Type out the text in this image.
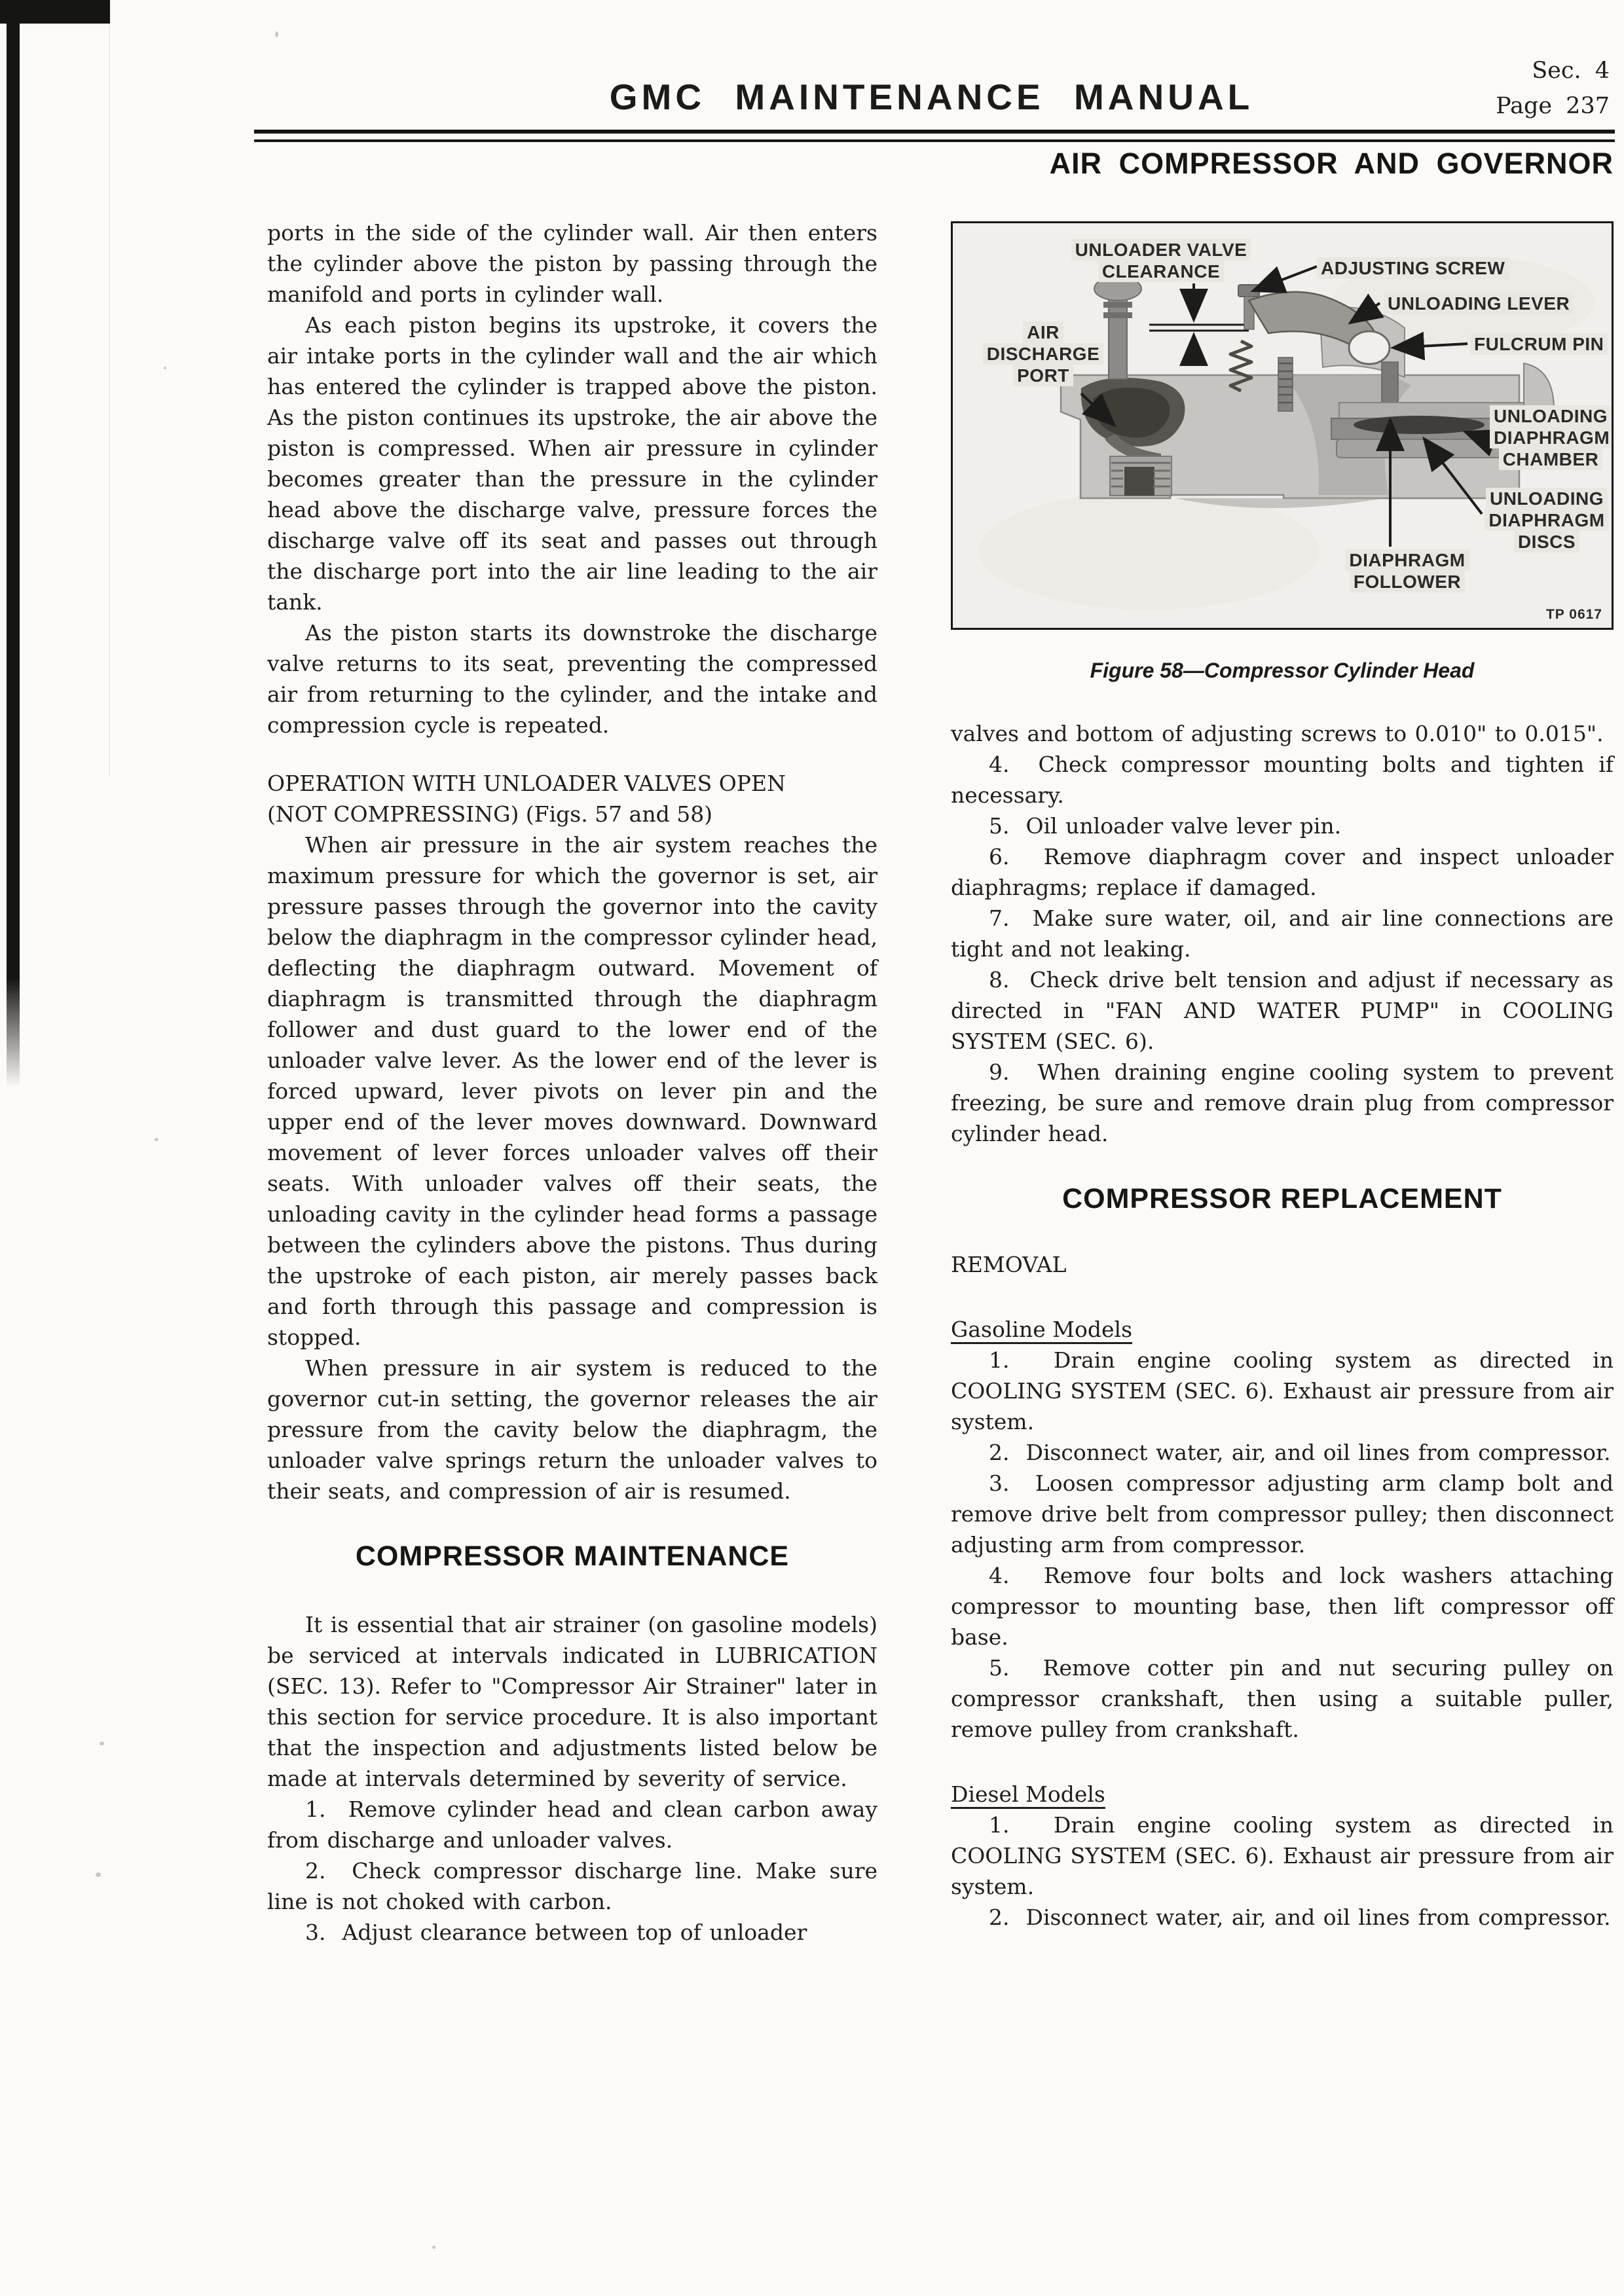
Sec. 4
Page 237
GMC MAINTENANCE MANUAL
AIR COMPRESSOR AND GOVERNOR

ports in the side of the cylinder wall. Air then enters the cylinder above the piston by passing through the manifold and ports in cylinder wall.

As each piston begins its upstroke, it covers the air intake ports in the cylinder wall and the air which has entered the cylinder is trapped above the piston. As the piston continues its upstroke, the air above the piston is compressed. When air pressure in cylinder becomes greater than the pressure in the cylinder head above the discharge valve, pressure forces the discharge valve off its seat and passes out through the discharge port into the air line leading to the air tank.

As the piston starts its downstroke the discharge valve returns to its seat, preventing the compressed air from returning to the cylinder, and the intake and compression cycle is repeated.

OPERATION WITH UNLOADER VALVES OPEN
(NOT COMPRESSING) (Figs. 57 and 58)

When air pressure in the air system reaches the maximum pressure for which the governor is set, air pressure passes through the governor into the cavity below the diaphragm in the compressor cylinder head, deflecting the diaphragm outward. Movement of diaphragm is transmitted through the diaphragm follower and dust guard to the lower end of the unloader valve lever. As the lower end of the lever is forced upward, lever pivots on lever pin and the upper end of the lever moves downward. Downward movement of lever forces unloader valves off their seats. With unloader valves off their seats, the unloading cavity in the cylinder head forms a passage between the cylinders above the pistons. Thus during the upstroke of each piston, air merely passes back and forth through this passage and compression is stopped.

When pressure in air system is reduced to the governor cut-in setting, the governor releases the air pressure from the cavity below the diaphragm, the unloader valve springs return the unloader valves to their seats, and compression of air is resumed.

COMPRESSOR MAINTENANCE

It is essential that air strainer (on gasoline models) be serviced at intervals indicated in LUBRICATION (SEC. 13). Refer to "Compressor Air Strainer" later in this section for service procedure. It is also important that the inspection and adjustments listed below be made at intervals determined by severity of service.

1. Remove cylinder head and clean carbon away from discharge and unloader valves.

2. Check compressor discharge line. Make sure line is not choked with carbon.

3. Adjust clearance between top of unloader

UNLOADER VALVE
CLEARANCE	ADJUSTING SCREW
UNLOADING LEVER
FULCRUM PIN
AIR
DISCHARGE
PORT
UNLOADING
DIAPHRAGM
CHAMBER
UNLOADING
DIAPHRAGM
DISCS
DIAPHRAGM
FOLLOWER
TP 0617
Figure 58—Compressor Cylinder Head

valves and bottom of adjusting screws to 0.010" to 0.015".

4. Check compressor mounting bolts and tighten if necessary.

5. Oil unloader valve lever pin.

6. Remove diaphragm cover and inspect unloader diaphragms; replace if damaged.

7. Make sure water, oil, and air line connections are tight and not leaking.

8. Check drive belt tension and adjust if necessary as directed in "FAN AND WATER PUMP" in COOLING SYSTEM (SEC. 6).

9. When draining engine cooling system to prevent freezing, be sure and remove drain plug from compressor cylinder head.

COMPRESSOR REPLACEMENT

REMOVAL

Gasoline Models

1. Drain engine cooling system as directed in COOLING SYSTEM (SEC. 6). Exhaust air pressure from air system.

2. Disconnect water, air, and oil lines from compressor.

3. Loosen compressor adjusting arm clamp bolt and remove drive belt from compressor pulley; then disconnect adjusting arm from compressor.

4. Remove four bolts and lock washers attaching compressor to mounting base, then lift compressor off base.

5. Remove cotter pin and nut securing pulley on compressor crankshaft, then using a suitable puller, remove pulley from crankshaft.

Diesel Models

1. Drain engine cooling system as directed in COOLING SYSTEM (SEC. 6). Exhaust air pressure from air system.

2. Disconnect water, air, and oil lines from compressor.
